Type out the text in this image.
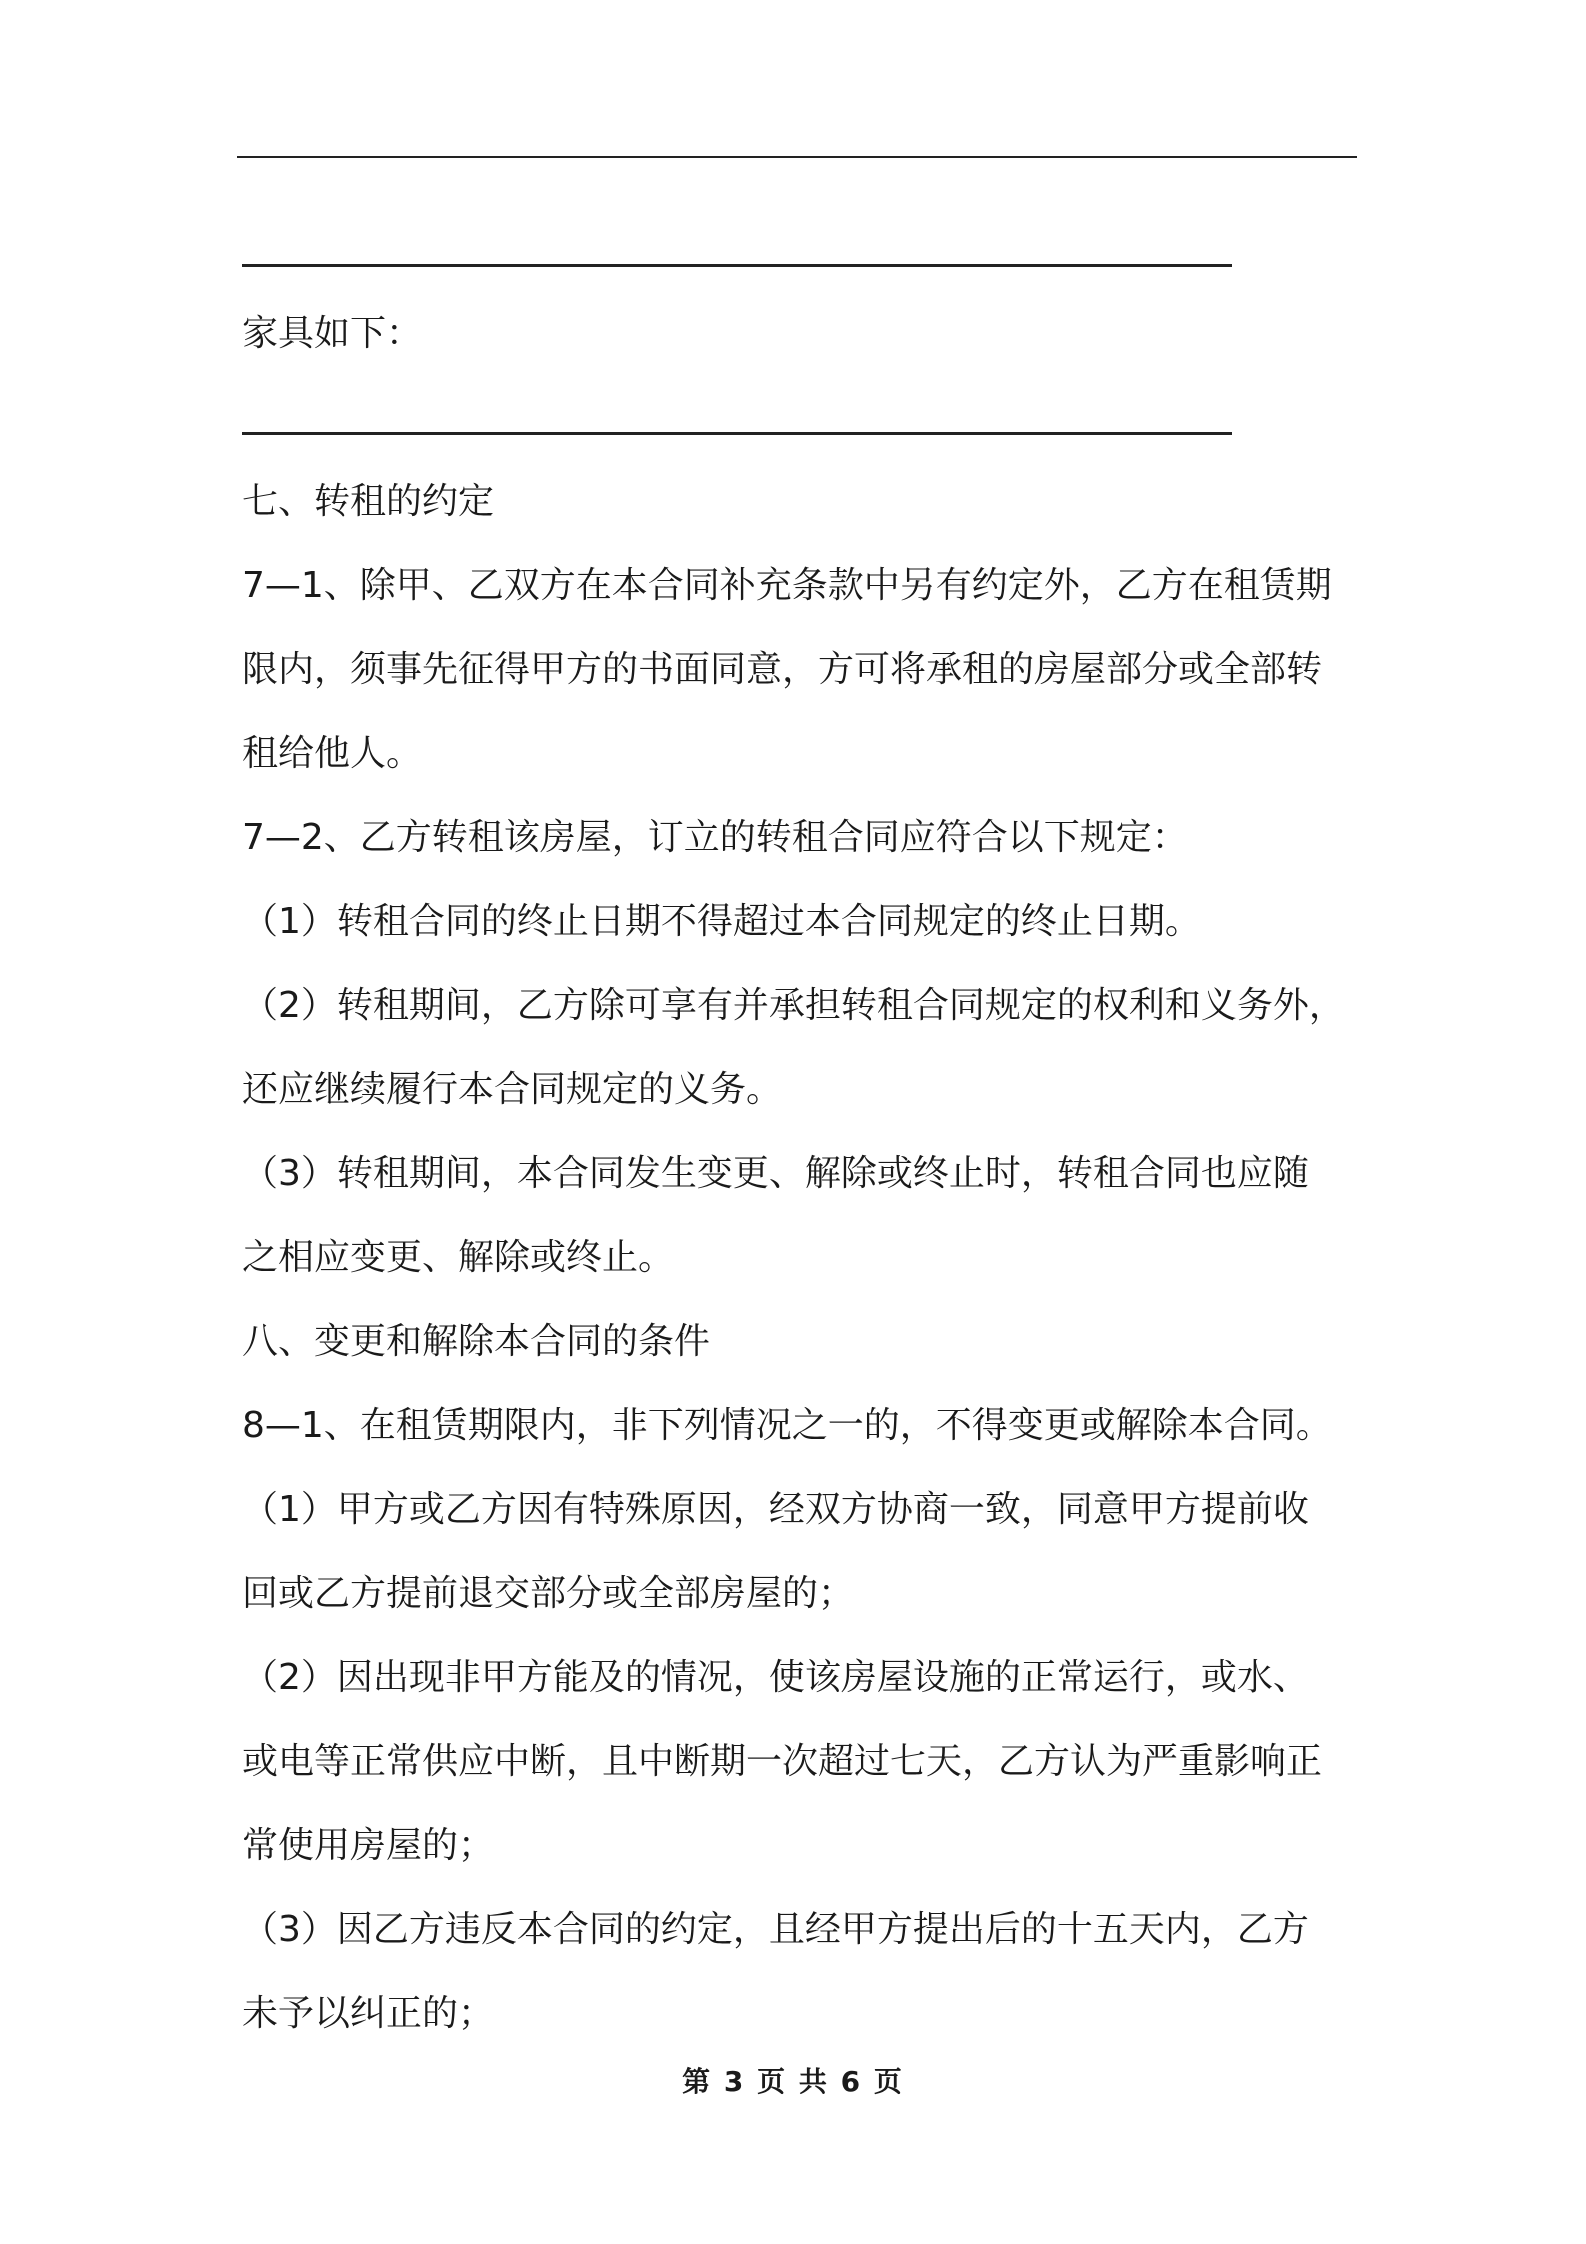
家具如下：
七、转租的约定
7—1、除甲、乙双方在本合同补充条款中另有约定外，乙方在租赁期
限内，须事先征得甲方的书面同意，方可将承租的房屋部分或全部转
租给他人。
7—2、乙方转租该房屋，订立的转租合同应符合以下规定：
（1）转租合同的终止日期不得超过本合同规定的终止日期。
（2）转租期间，乙方除可享有并承担转租合同规定的权利和义务外，
还应继续履行本合同规定的义务。
（3）转租期间，本合同发生变更、解除或终止时，转租合同也应随
之相应变更、解除或终止。
八、变更和解除本合同的条件
8—1、在租赁期限内，非下列情况之一的，不得变更或解除本合同。
（1）甲方或乙方因有特殊原因，经双方协商一致，同意甲方提前收
回或乙方提前退交部分或全部房屋的；
（2）因出现非甲方能及的情况，使该房屋设施的正常运行，或水、
或电等正常供应中断，且中断期一次超过七天，乙方认为严重影响正
常使用房屋的；
（3）因乙方违反本合同的约定，且经甲方提出后的十五天内，乙方
未予以纠正的；
第 3 页 共 6 页
